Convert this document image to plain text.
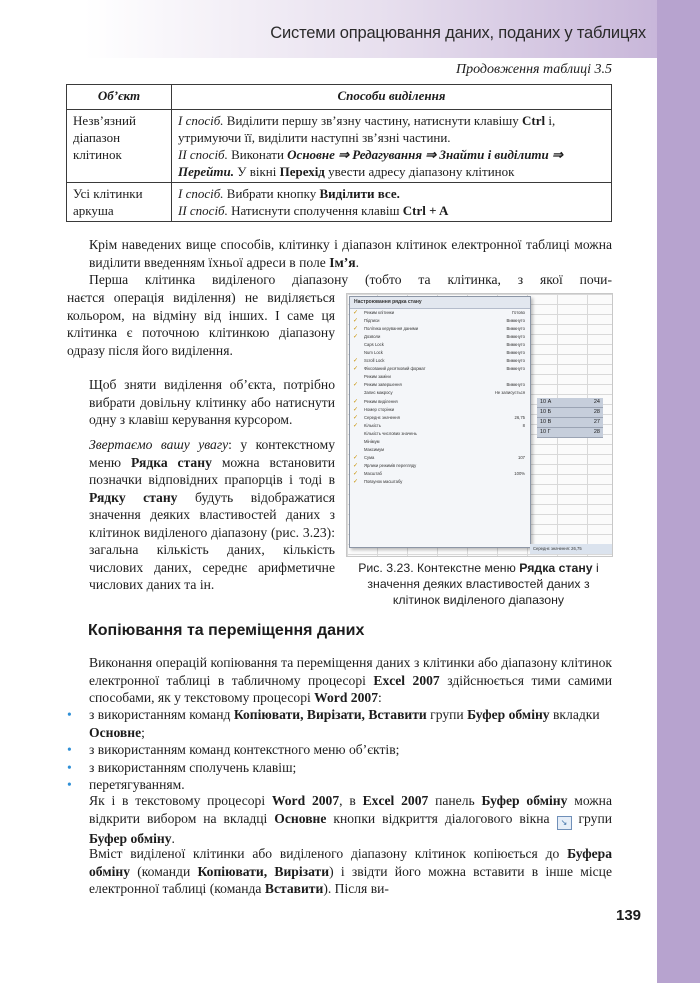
Системи опрацювання даних, поданих у таблицях
Продовження таблиці 3.5
Об’єкт	Способи виділення
Незв’язний діапазон клітинок	I спосіб. Виділити першу зв’язну частину, натиснути клавішу Ctrl і, утримуючи її, виділити наступні зв’язні частини.
II спосіб. Виконати Основне ⇒ Редагування ⇒ Знайти і виділити ⇒ Перейти. У вікні Перехід увести адресу діапазону клітинок
Усі клітинки аркуша	I спосіб. Вибрати кнопку Виділити все.
II спосіб. Натиснути сполучення клавіш Ctrl + A
Крім наведених вище способів, клітинку і діапазон клітинок електронної таблиці можна виділити введенням їхньої адреси в поле Ім’я.
Перша клітинка виділеного діапазону (тобто та клітинка, з якої почи-
наєтся операція виділення) не виділяється кольором, на відміну від інших. І саме ця клітинка є поточною клітинкою діапазону одразу після його виділення.
Щоб зняти виділення об’єкта, потрібно вибрати довільну клітинку або натиснути одну з клавіш керування курсором.
Звертаємо вашу увагу: у контекстному меню Рядка стану можна встановити позначки відповідних прапорців і тоді в Рядку стану будуть відображатися значення деяких властивостей даних з клітинок виділеного діапазону (рис. 3.23): загальна кількість даних, кількість числових даних, середнє арифметичне числових даних та ін.
Настроювання рядка стану
✓ Режим клітинки	Готово
✓ Підписи	Вимкнуто
✓ Політика керування даними	Вимкнуто
✓ Дозволи	Вимкнуто
Caps Lock	Вимкнуто
Num Lock	Вимкнуто
✓ Scroll Lock	Вимкнуто
✓ Фіксований десятковий формат	Вимкнуто
Режим заміни
✓ Режим завершення	Вимкнуто
Запис макросу	Не записується
✓ Режим виділення
✓ Номер сторінки
✓ Середнє значення	26,75
✓ Кількість	8
Кількість числових значень
Мінімум
Максимум
✓ Сума	107
✓ Ярлики режимів перегляду
✓ Масштаб	100%
✓ Повзунок масштабу
10 А	24
10 Б	28
10 В	27
10 Г	28
Середнє значення: 26,75
Рис. 3.23. Контекстне меню Рядка стану і значення деяких властивостей даних з клітинок виділеного діапазону
Копіювання та переміщення даних
Виконання операцій копіювання та переміщення даних з клітинки або діапазону клітинок електронної таблиці в табличному процесорі Excel 2007 здійснюється тими самими способами, як у текстовому процесорі Word 2007:
• з використанням команд Копіювати, Вирізати, Вставити групи Буфер обміну вкладки Основне;
• з використанням команд контекстного меню об’єктів;
• з використанням сполучень клавіш;
• перетягуванням.
Як і в текстовому процесорі Word 2007, в Excel 2007 панель Буфер обміну можна відкрити вибором на вкладці Основне кнопки відкриття діалогового вікна ↘ групи Буфер обміну.
Вміст виділеної клітинки або виділеного діапазону клітинок копіюється до Буфера обміну (команди Копіювати, Вирізати) і звідти його можна вставити в інше місце електронної таблиці (команда Вставити). Після ви-
139
